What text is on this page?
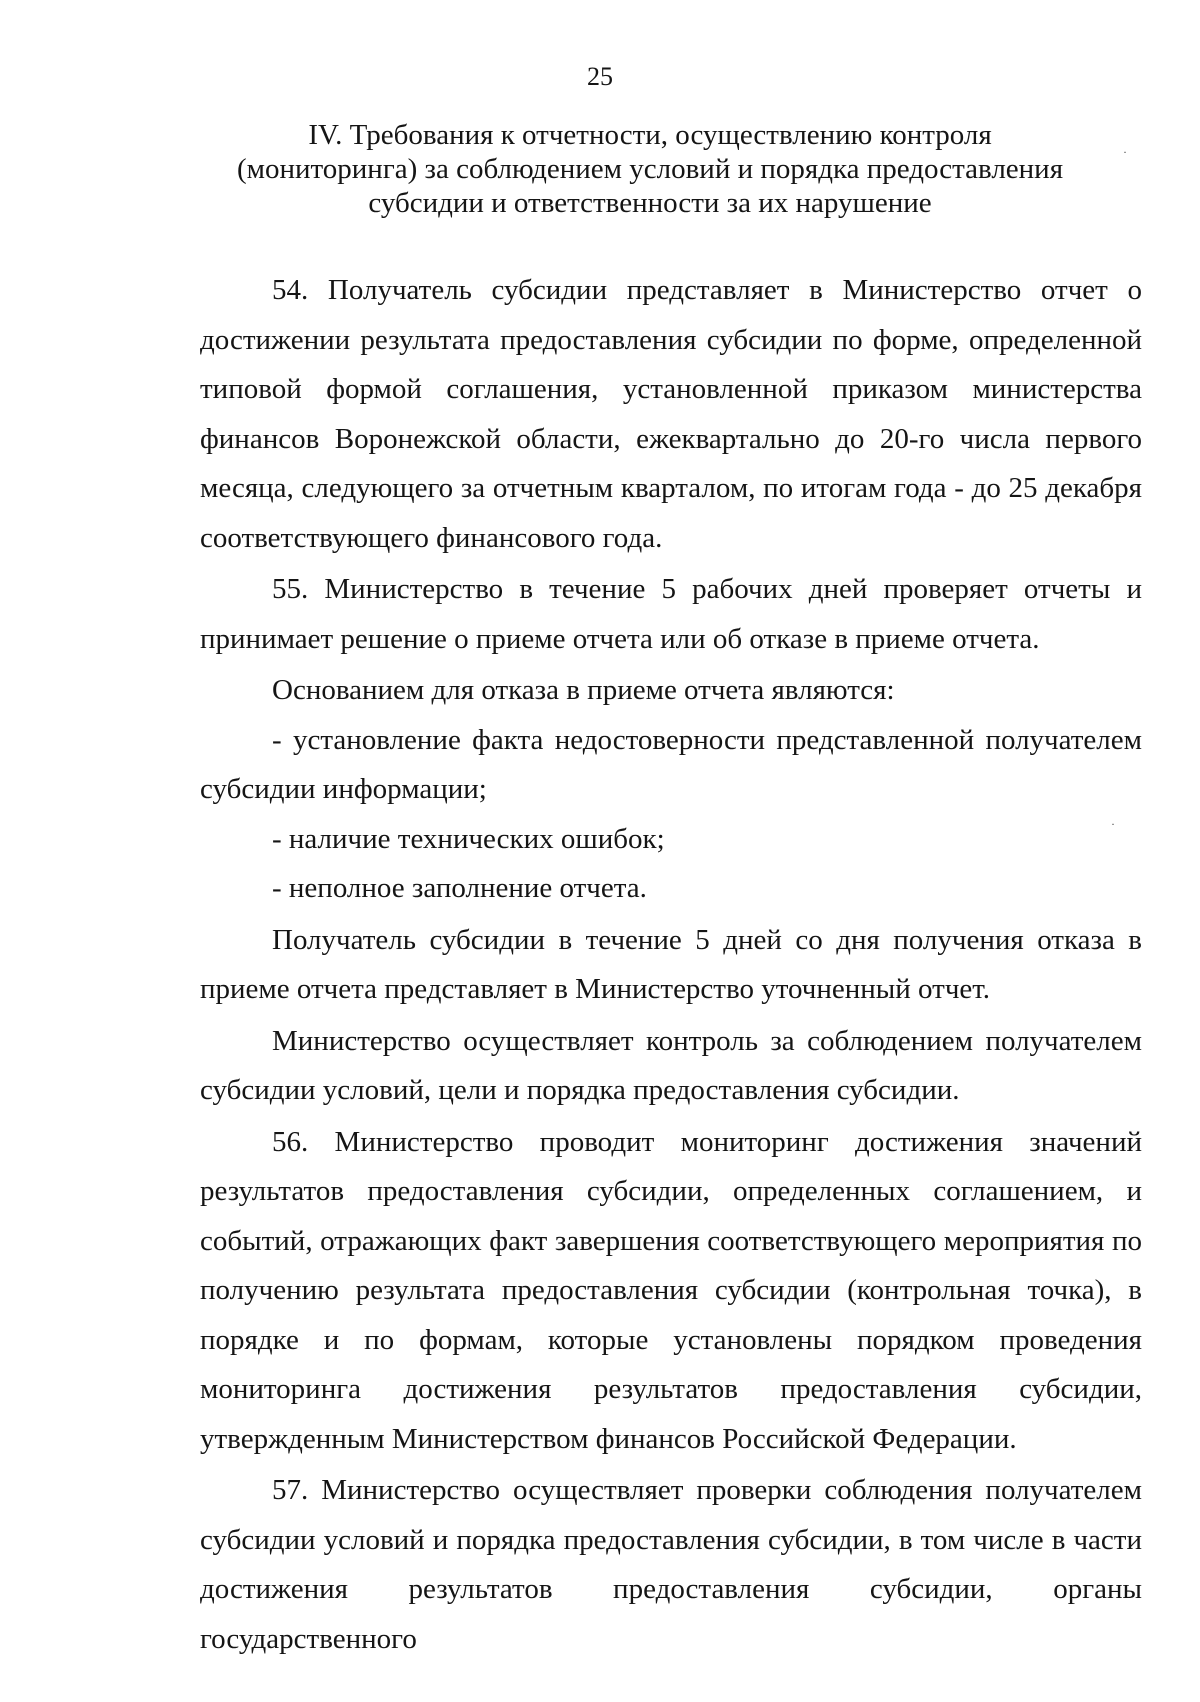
25
IV. Требования к отчетности, осуществлению контроля
(мониторинга) за соблюдением условий и порядка предоставления
субсидии и ответственности за их нарушение

54. Получатель субсидии представляет в Министерство отчет о достижении результата предоставления субсидии по форме, определенной типовой формой соглашения, установленной приказом министерства финансов Воронежской области, ежеквартально до 20-го числа первого месяца, следующего за отчетным кварталом, по итогам года - до 25 декабря соответствующего финансового года.

55. Министерство в течение 5 рабочих дней проверяет отчеты и принимает решение о приеме отчета или об отказе в приеме отчета.

Основанием для отказа в приеме отчета являются:

- установление факта недостоверности представленной получателем субсидии информации;

- наличие технических ошибок;

- неполное заполнение отчета.

Получатель субсидии в течение 5 дней со дня получения отказа в приеме отчета представляет в Министерство уточненный отчет.

Министерство осуществляет контроль за соблюдением получателем субсидии условий, цели и порядка предоставления субсидии.

56. Министерство проводит мониторинг достижения значений результатов предоставления субсидии, определенных соглашением, и событий, отражающих факт завершения соответствующего мероприятия по получению результата предоставления субсидии (контрольная точка), в порядке и по формам, которые установлены порядком проведения мониторинга достижения результатов предоставления субсидии, утвержденным Министерством финансов Российской Федерации.

57. Министерство осуществляет проверки соблюдения получателем субсидии условий и порядка предоставления субсидии, в том числе в части достижения результатов предоставления субсидии, органы государственного

˙
˙
